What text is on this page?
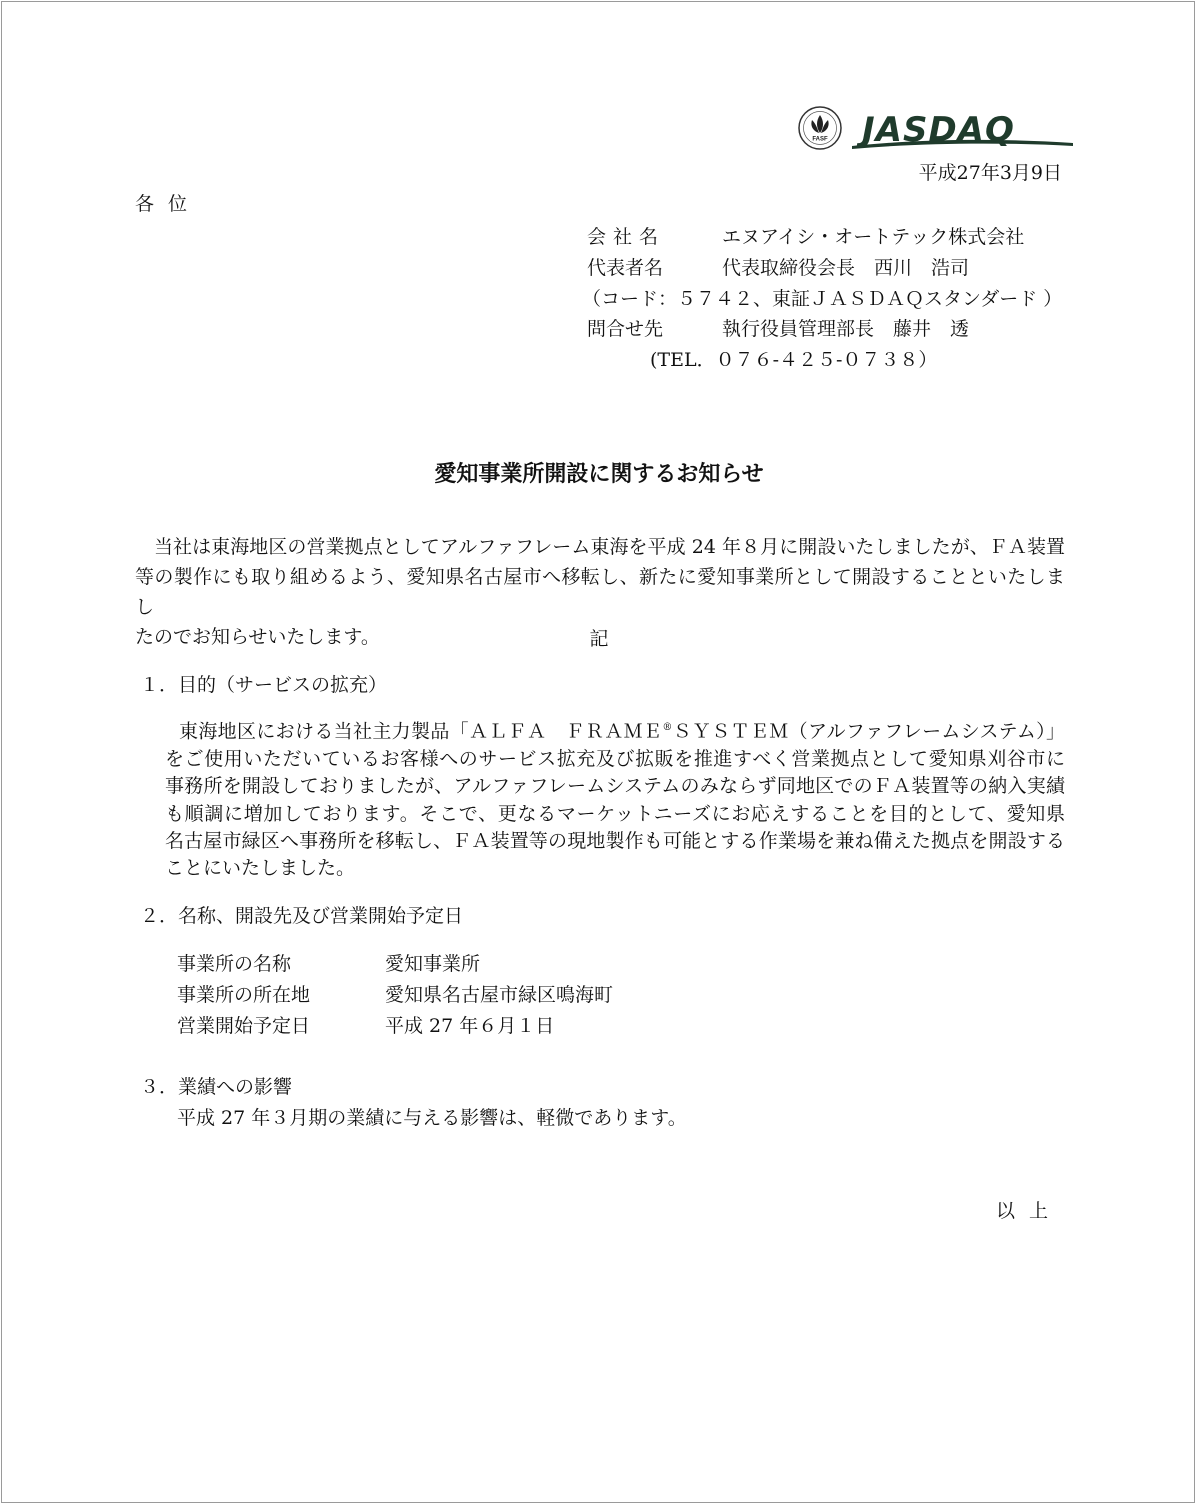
FASF JASDAQ
平成27年3月9日
各位
会社名	エヌアイシ・オートテック株式会社
代表者名	代表取締役会長　西川　浩司
（コード：５７４２、東証ＪＡＳＤＡＱスタンダード ）
問合せ先	執行役員管理部長　藤井　透
(TEL．０７６-４２５-０７３８）
愛知事業所開設に関するお知らせ

当社は東海地区の営業拠点としてアルファフレーム東海を平成 24 年８月に開設いたしましたが、ＦＡ装置

等の製作にも取り組めるよう、愛知県名古屋市へ移転し、新たに愛知事業所として開設することといたしまし

たのでお知らせいたします。	記
１．目的（サービスの拡充）

東海地区における当社主力製品「ＡＬＦＡ　ＦＲＡＭＥ®ＳＹＳＴＥＭ（アルファフレームシステム）」

をご使用いただいているお客様へのサービス拡充及び拡販を推進すべく営業拠点として愛知県刈谷市に

事務所を開設しておりましたが、アルファフレームシステムのみならず同地区でのＦＡ装置等の納入実績

も順調に増加しております。そこで、更なるマーケットニーズにお応えすることを目的として、愛知県

名古屋市緑区へ事務所を移転し、ＦＡ装置等の現地製作も可能とする作業場を兼ね備えた拠点を開設する

ことにいたしました。

２．名称、開設先及び営業開始予定日
事業所の名称	愛知事業所
事業所の所在地	愛知県名古屋市緑区鳴海町
営業開始予定日	平成 27 年６月１日
３．業績への影響
平成 27 年３月期の業績に与える影響は、軽微であります。
以上
